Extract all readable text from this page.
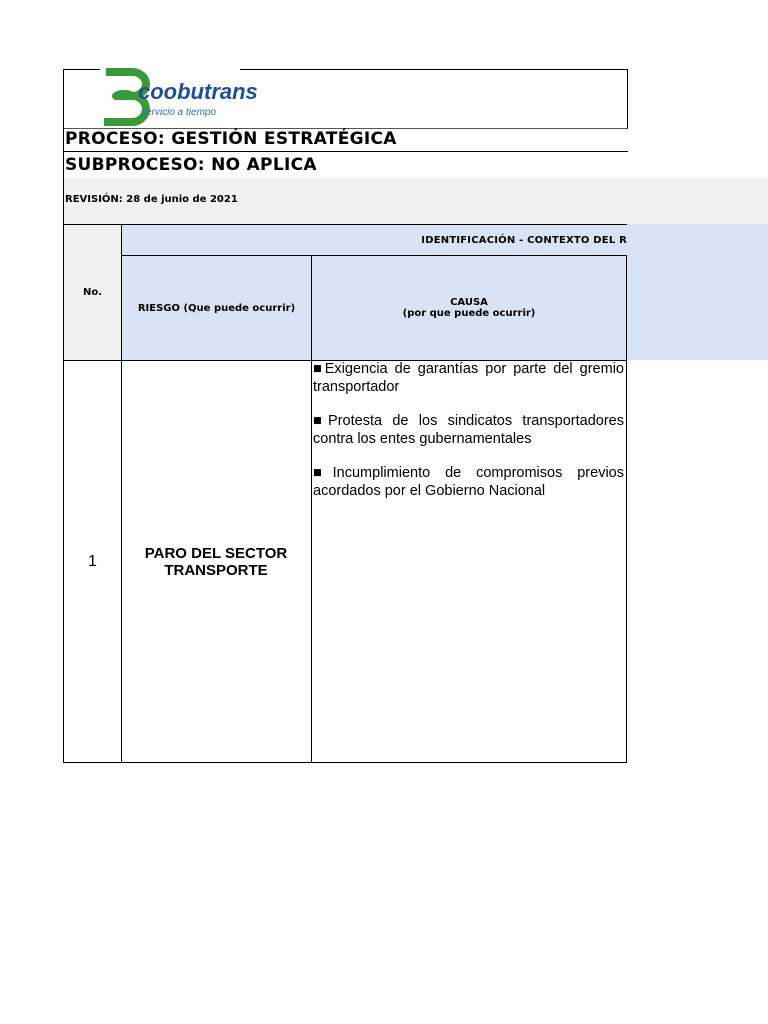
coobutrans
servicio a tiempo
PROCESO: GESTIÓN ESTRATÉGICA
SUBPROCESO: NO APLICA
REVISIÓN: 28 de junio de 2021
No.
IDENTIFICACIÓN - CONTEXTO DEL R
RIESGO (Que puede ocurrir)	CAUSA
(por que puede ocurrir)
1	PARO DEL SECTOR TRANSPORTE

■Exigencia de garantías por parte del gremio transportador

■Protesta de los sindicatos transportadores contra los entes gubernamentales

■Incumplimiento de compromisos previos acordados por el Gobierno Nacional
